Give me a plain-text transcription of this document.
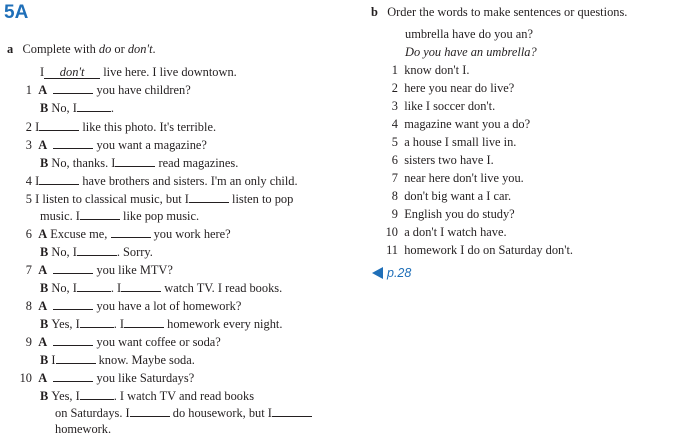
5A
a Complete with do or don't.
I don't live here. I live downtown.
1 A	you have children?
B No, I	.
2 I	like this photo. It's terrible.
3 A	you want a magazine?
B No, thanks. I	read magazines.
4 I	have brothers and sisters. I'm an only child.
5 I listen to classical music, but I	listen to pop
music. I	like pop music.
6 A Excuse me,	you work here?
B No, I	. Sorry.
7 A	you like MTV?
B No, I	. I	watch TV. I read books.
8 A	you have a lot of homework?
B Yes, I	. I	homework every night.
9 A	you want coffee or soda?
B I	know. Maybe soda.
10 A	you like Saturdays?
B Yes, I	. I watch TV and read books
on Saturdays. I	do housework, but I
homework.
b Order the words to make sentences or questions.
umbrella have do you an?
Do you have an umbrella?
1 know don't I.
2 here you near do live?
3 like I soccer don't.
4 magazine want you a do?
5 a house I small live in.
6 sisters two have I.
7 near here don't live you.
8 don't big want a I car.
9 English you do study?
10 a don't I watch have.
11 homework I do on Saturday don't.
p.28
